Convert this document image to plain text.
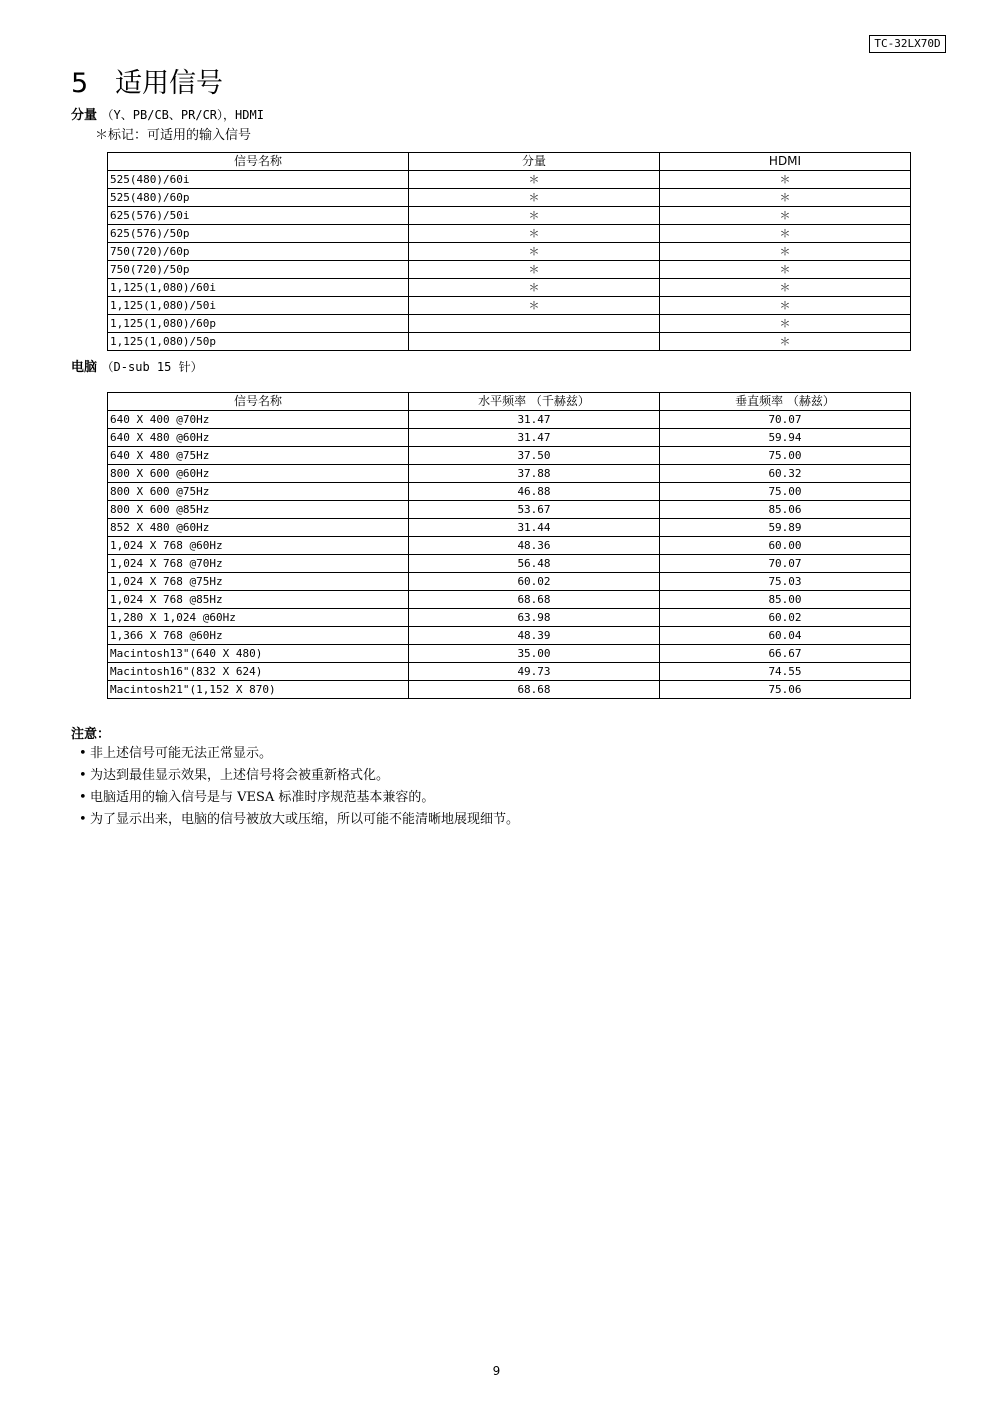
TC-32LX70D
5 适用信号
分量 （Y、PB/CB、PR/CR），HDMI
＊标记：可适用的输入信号
信号名称	分量	HDMI
525(480)/60i	＊	＊
525(480)/60p	＊	＊
625(576)/50i	＊	＊
625(576)/50p	＊	＊
750(720)/60p	＊	＊
750(720)/50p	＊	＊
1,125(1,080)/60i	＊	＊
1,125(1,080)/50i	＊	＊
1,125(1,080)/60p		＊
1,125(1,080)/50p		＊
电脑 （D-sub 15 针）
信号名称	水平频率 （千赫兹）	垂直频率 （赫兹）
640 X 400 @70Hz	31.47	70.07
640 X 480 @60Hz	31.47	59.94
640 X 480 @75Hz	37.50	75.00
800 X 600 @60Hz	37.88	60.32
800 X 600 @75Hz	46.88	75.00
800 X 600 @85Hz	53.67	85.06
852 X 480 @60Hz	31.44	59.89
1,024 X 768 @60Hz	48.36	60.00
1,024 X 768 @70Hz	56.48	70.07
1,024 X 768 @75Hz	60.02	75.03
1,024 X 768 @85Hz	68.68	85.00
1,280 X 1,024 @60Hz	63.98	60.02
1,366 X 768 @60Hz	48.39	60.04
Macintosh13"(640 X 480)	35.00	66.67
Macintosh16"(832 X 624)	49.73	74.55
Macintosh21"(1,152 X 870)	68.68	75.06
注意：
• 非上述信号可能无法正常显示。
• 为达到最佳显示效果，上述信号将会被重新格式化。
• 电脑适用的输入信号是与 VESA 标准时序规范基本兼容的。
• 为了显示出来，电脑的信号被放大或压缩，所以可能不能清晰地展现细节。
9
